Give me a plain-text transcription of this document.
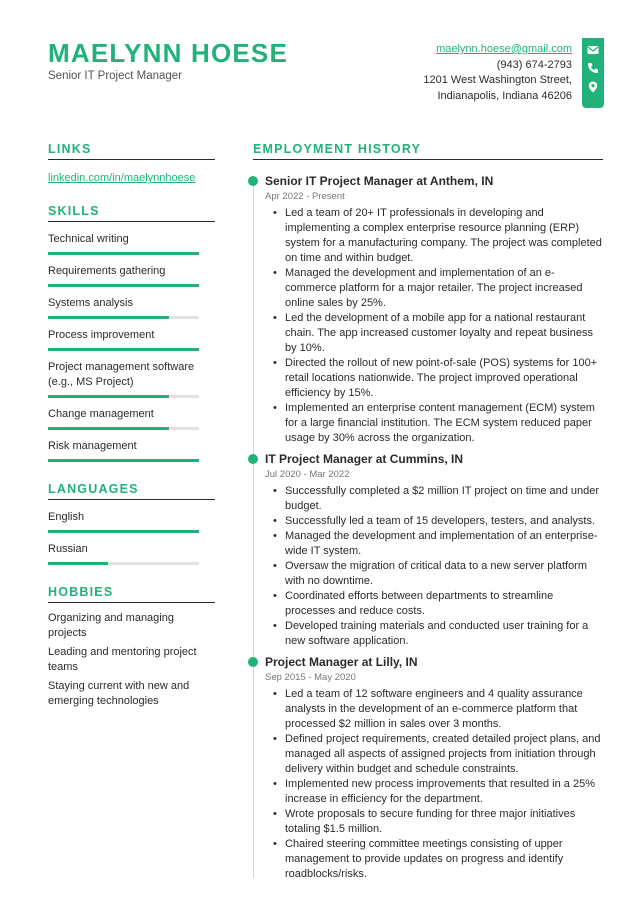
MAELYNN HOESE
Senior IT Project Manager
maelynn.hoese@gmail.com
(943) 674-2793
1201 West Washington Street,
Indianapolis, Indiana 46206
LINKS
linkedin.com/in/maelynnhoese
SKILLS
Technical writing
Requirements gathering
Systems analysis
Process improvement
Project management software (e.g., MS Project)
Change management
Risk management
LANGUAGES
English
Russian
HOBBIES
Organizing and managing projects
Leading and mentoring project teams
Staying current with new and emerging technologies
EMPLOYMENT HISTORY
Senior IT Project Manager at Anthem, IN
Apr 2022 - Present
• Led a team of 20+ IT professionals in developing and implementing a complex enterprise resource planning (ERP) system for a manufacturing company. The project was completed on time and within budget.
• Managed the development and implementation of an e-commerce platform for a major retailer. The project increased online sales by 25%.
• Led the development of a mobile app for a national restaurant chain. The app increased customer loyalty and repeat business by 10%.
• Directed the rollout of new point-of-sale (POS) systems for 100+ retail locations nationwide. The project improved operational efficiency by 15%.
• Implemented an enterprise content management (ECM) system for a large financial institution. The ECM system reduced paper usage by 30% across the organization.
IT Project Manager at Cummins, IN
Jul 2020 - Mar 2022
• Successfully completed a $2 million IT project on time and under budget.
• Successfully led a team of 15 developers, testers, and analysts.
• Managed the development and implementation of an enterprise-wide IT system.
• Oversaw the migration of critical data to a new server platform with no downtime.
• Coordinated efforts between departments to streamline processes and reduce costs.
• Developed training materials and conducted user training for a new software application.
Project Manager at Lilly, IN
Sep 2015 - May 2020
• Led a team of 12 software engineers and 4 quality assurance analysts in the development of an e-commerce platform that processed $2 million in sales over 3 months.
• Defined project requirements, created detailed project plans, and managed all aspects of assigned projects from initiation through delivery within budget and schedule constraints.
• Implemented new process improvements that resulted in a 25% increase in efficiency for the department.
• Wrote proposals to secure funding for three major initiatives totaling $1.5 million.
• Chaired steering committee meetings consisting of upper management to provide updates on progress and identify roadblocks/risks.
